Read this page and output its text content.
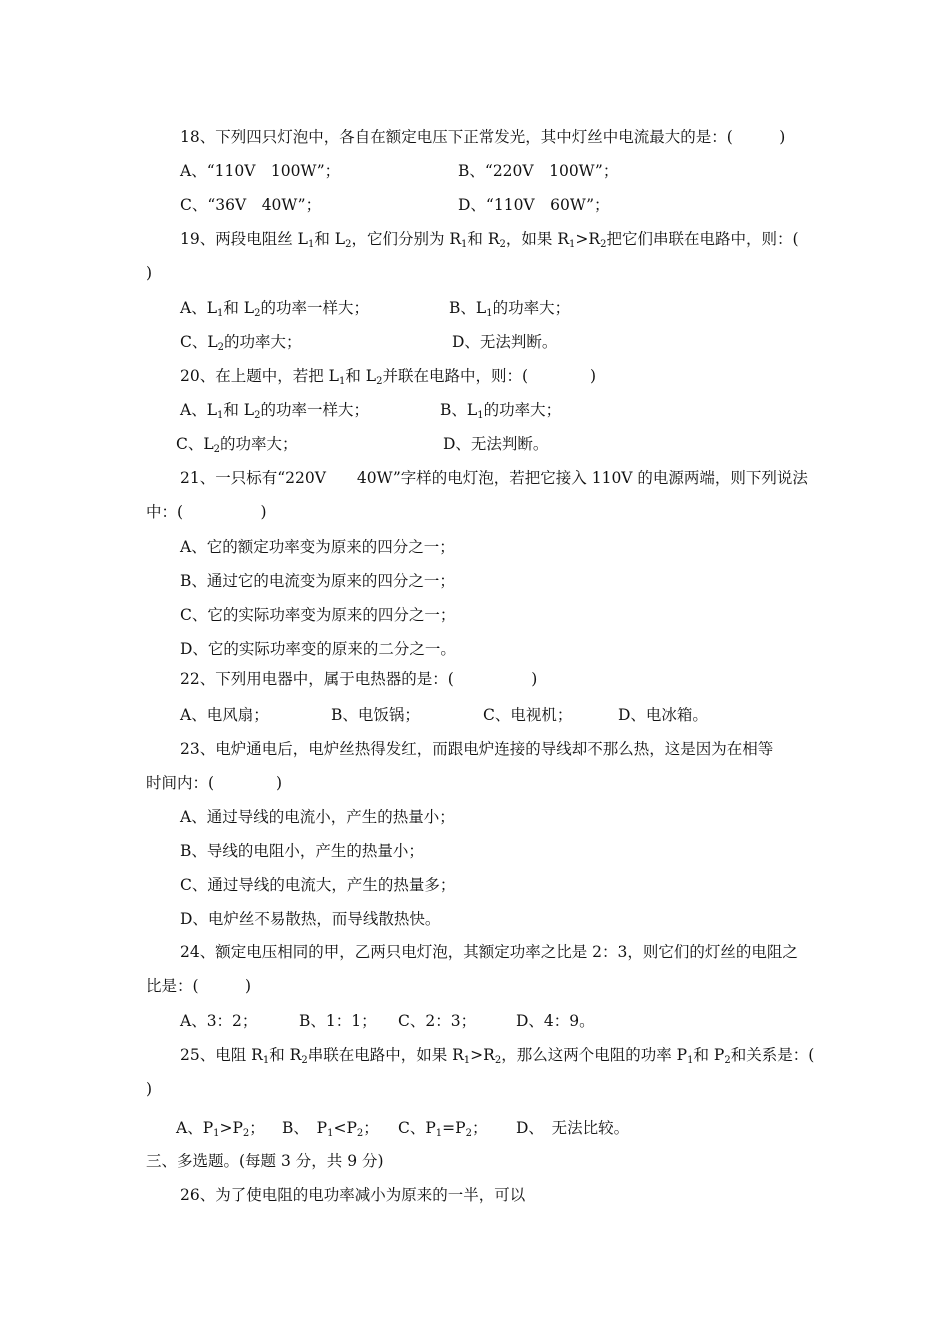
18、下列四只灯泡中，各自在额定电压下正常发光，其中灯丝中电流最大的是：(　　　)
A、“110V　100W”；	B、“220V　100W”；
C、“36V　40W”；	D、“110V　60W”；
19、两段电阻丝 $L_1$和 $L_2$，它们分别为 $R_1$和 $R_2$，如果 $R_1>R_2$把它们串联在电路中，则：(
)
A、$L_1$和 $L_2$的功率一样大；	B、$L_1$的功率大；
C、$L_2$的功率大；	D、无法判断。
20、在上题中，若把 $L_1$和 $L_2$并联在电路中，则：(　　　　)
A、$L_1$和 $L_2$的功率一样大；	B、$L_1$的功率大；
C、$L_2$的功率大；	D、无法判断。
21、一只标有“220V　　40W”字样的电灯泡，若把它接入 110V 的电源两端，则下列说法
中：(　　　　　)
A、它的额定功率变为原来的四分之一；
B、通过它的电流变为原来的四分之一；
C、它的实际功率变为原来的四分之一；
D、它的实际功率变的原来的二分之一。
22、下列用电器中，属于电热器的是：(　　　　　)
A、电风扇；	B、电饭锅；	C、电视机；	D、电冰箱。
23、电炉通电后，电炉丝热得发红，而跟电炉连接的导线却不那么热，这是因为在相等
时间内：(　　　　)
A、通过导线的电流小，产生的热量小；
B、导线的电阻小，产生的热量小；
C、通过导线的电流大，产生的热量多；
D、电炉丝不易散热，而导线散热快。
24、额定电压相同的甲，乙两只电灯泡，其额定功率之比是 2：3，则它们的灯丝的电阻之
比是：(　　　)
A、3：2；	B、1：1； C、2：3；	D、4：9。
25、电阻 $R_1$和 $R_2$串联在电路中，如果 $R_1>R_2$，那么这两个电阻的功率 $P_1$和 $P_2$和关系是：(
)
A、$P_1>P_2$； B、　$P_1<P_2$； C、$P_1=P_2$； D、　无法比较。
三、多选题。(每题 3 分，共 9 分)
26、为了使电阻的电功率减小为原来的一半，可以
